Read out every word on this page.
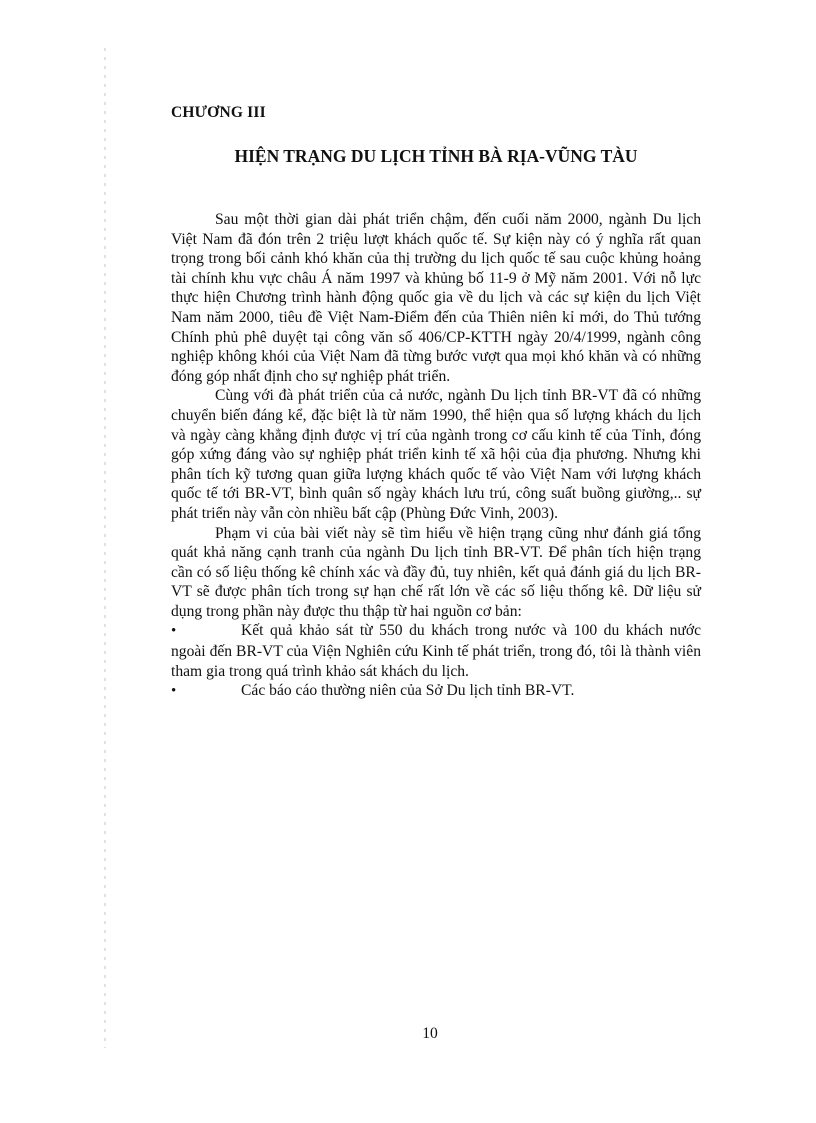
CHƯƠNG III
HIỆN TRẠNG DU LỊCH TỈNH BÀ RỊA-VŨNG TÀU

Sau một thời gian dài phát triển chậm, đến cuối năm 2000, ngành Du lịch Việt Nam đã đón trên 2 triệu lượt khách quốc tế. Sự kiện này có ý nghĩa rất quan trọng trong bối cảnh khó khăn của thị trường du lịch quốc tế sau cuộc khủng hoảng tài chính khu vực châu Á năm 1997 và khủng bố 11-9 ở Mỹ năm 2001. Với nỗ lực thực hiện Chương trình hành động quốc gia về du lịch và các sự kiện du lịch Việt Nam năm 2000, tiêu đề Việt Nam-Điểm đến của Thiên niên kỉ mới, do Thủ tướng Chính phủ phê duyệt tại công văn số 406/CP-KTTH ngày 20/4/1999, ngành công nghiệp không khói của Việt Nam đã từng bước vượt qua mọi khó khăn và có những đóng góp nhất định cho sự nghiệp phát triển.

Cùng với đà phát triển của cả nước, ngành Du lịch tỉnh BR-VT đã có những chuyển biến đáng kể, đặc biệt là từ năm 1990, thể hiện qua số lượng khách du lịch và ngày càng khẳng định được vị trí của ngành trong cơ cấu kinh tế của Tỉnh, đóng góp xứng đáng vào sự nghiệp phát triển kinh tế xã hội của địa phương. Nhưng khi phân tích kỹ tương quan giữa lượng khách quốc tế vào Việt Nam với lượng khách quốc tế tới BR-VT, bình quân số ngày khách lưu trú, công suất buồng giường,.. sự phát triển này vẫn còn nhiều bất cập (Phùng Đức Vinh, 2003).

Phạm vi của bài viết này sẽ tìm hiểu về hiện trạng cũng như đánh giá tổng quát khả năng cạnh tranh của ngành Du lịch tỉnh BR-VT. Để phân tích hiện trạng cần có số liệu thống kê chính xác và đầy đủ, tuy nhiên, kết quả đánh giá du lịch BR-VT sẽ được phân tích trong sự hạn chế rất lớn về các số liệu thống kê. Dữ liệu sử dụng trong phần này được thu thập từ hai nguồn cơ bản:

•	Kết quả khảo sát từ 550 du khách trong nước và 100 du khách nước ngoài đến BR-VT của Viện Nghiên cứu Kinh tế phát triển, trong đó, tôi là thành viên tham gia trong quá trình khảo sát khách du lịch.
•	Các báo cáo thường niên của Sở Du lịch tỉnh BR-VT.
10
